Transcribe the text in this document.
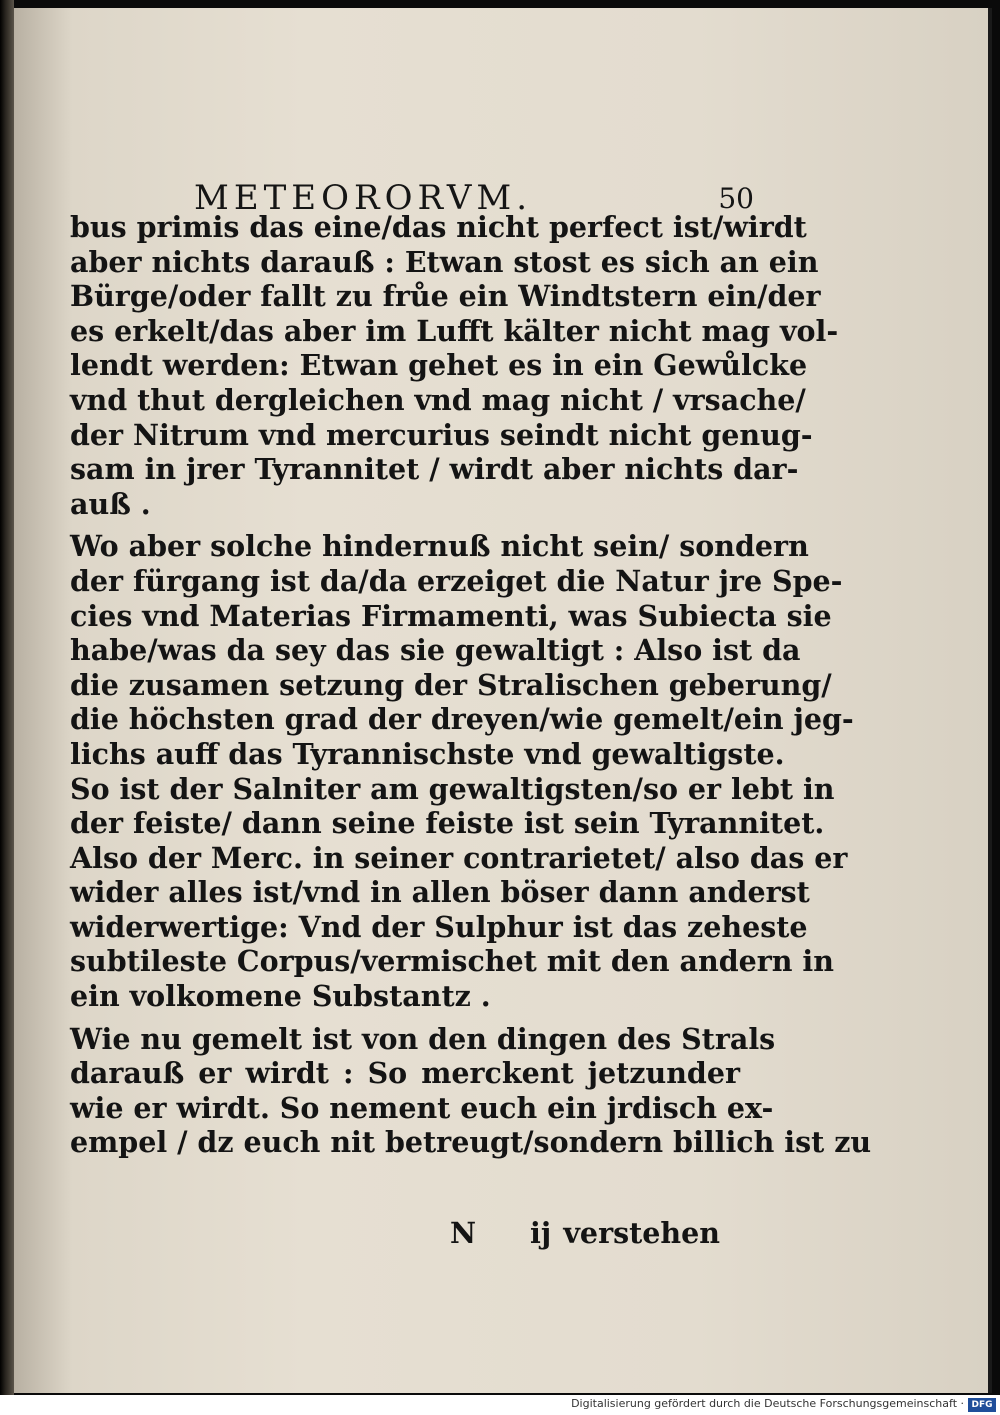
METEORORVM.	50
bus primis das eine/das nicht perfect ist/wirdt
aber nichts darauß : Etwan stost es sich an ein
Bürge/oder fallt zu frůe ein Windtstern ein/der
es erkelt/das aber im Lufft kälter nicht mag vol-
lendt werden: Etwan gehet es in ein Gewůlcke
vnd thut dergleichen vnd mag nicht / vrsache/
der Nitrum vnd mercurius seindt nicht genug-
sam in jrer Tyrannitet / wirdt aber nichts dar-
auß .
Wo aber solche hindernuß nicht sein/ sondern
der fürgang ist da/da erzeiget die Natur jre Spe-
cies vnd Materias Firmamenti, was Subiecta sie
habe/was da sey das sie gewaltigt : Also ist da
die zusamen setzung der Stralischen geberung/
die höchsten grad der dreyen/wie gemelt/ein jeg-
lichs auff das Tyrannischste vnd gewaltigste.
So ist der Salniter am gewaltigsten/so er lebt in
der feiste/ dann seine feiste ist sein Tyrannitet.
Also der Merc. in seiner contrarietet/ also das er
wider alles ist/vnd in allen böser dann anderst
widerwertige: Vnd der Sulphur ist das zeheste
subtileste Corpus/vermischet mit den andern in
ein volkomene Substantz .
Wie nu gemelt ist von den dingen des Strals
darauß er wirdt : So merckent jetzunder
wie er wirdt. So nement euch ein jrdisch ex-
empel / dz euch nit betreugt/sondern billich ist zu
N ij verstehen
Digitalisierung gefördert durch die Deutsche Forschungsgemeinschaft · DFG
